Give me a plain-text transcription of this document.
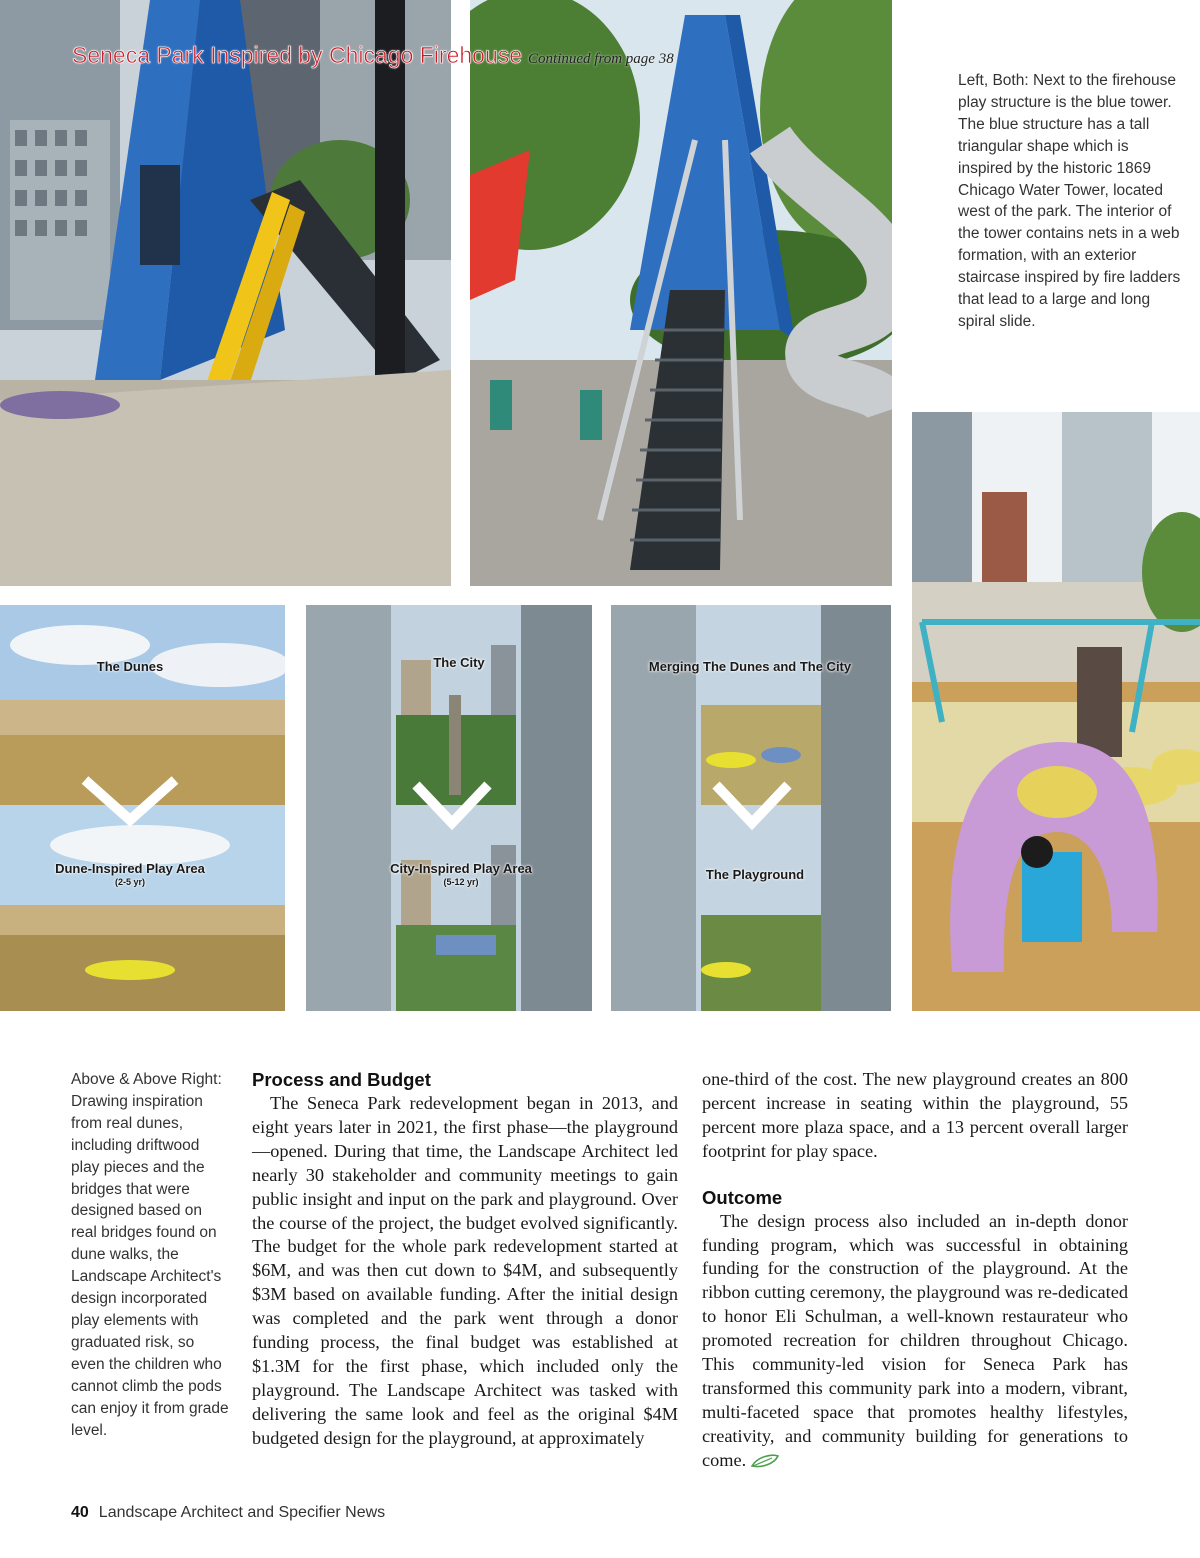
Seneca Park Inspired by Chicago Firehouse Continued from page 38
Left, Both: Next to the firehouse play structure is the blue tower. The blue structure has a tall triangular shape which is inspired by the historic 1869 Chicago Water Tower, located west of the park. The interior of the tower contains nets in a web formation, with an exterior staircase inspired by fire ladders that lead to a large and long spiral slide.
The Dunes
Dune-Inspired Play Area
(2-5 yr)
The City
City-Inspired Play Area
(5-12 yr)
Merging The Dunes and The City
The Playground
Above & Above Right: Drawing inspiration from real dunes, including driftwood play pieces and the bridges that were designed based on real bridges found on dune walks, the Landscape Architect's design incorporated play elements with graduated risk, so even the children who cannot climb the pods can enjoy it from grade level.
Process and Budget

The Seneca Park redevelopment began in 2013, and eight years later in 2021, the first phase—the playground—opened. During that time, the Landscape Architect led nearly 30 stakeholder and community meetings to gain public insight and input on the park and playground. Over the course of the project, the budget evolved significantly. The budget for the whole park redevelopment started at $6M, and was then cut down to $4M, and subsequently $3M based on available funding. After the initial design was completed and the park went through a donor funding process, the final budget was established at $1.3M for the first phase, which included only the playground. The Landscape Architect was tasked with delivering the same look and feel as the original $4M budgeted design for the playground, at approximately

one-third of the cost. The new playground creates an 800 percent increase in seating within the playground, 55 percent more plaza space, and a 13 percent overall larger footprint for play space.

Outcome

The design process also included an in-depth donor funding program, which was successful in obtaining funding for the construction of the playground. At the ribbon cutting ceremony, the playground was re-dedicated to honor Eli Schulman, a well-known restaurateur who promoted recreation for children throughout Chicago. This community-led vision for Seneca Park has transformed this community park into a modern, vibrant, multi-faceted space that promotes healthy lifestyles, creativity, and community building for generations to come.

40 Landscape Architect and Specifier News
